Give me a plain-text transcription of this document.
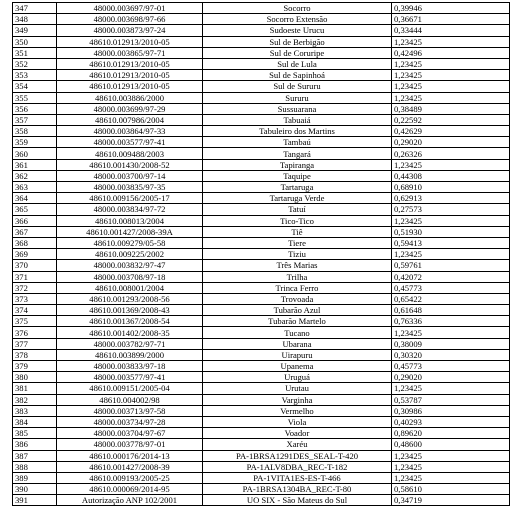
347	48000.003697/97-01	Socorro	0,39946
348	48000.003698/97-66	Socorro Extensão	0,36671
349	48000.003873/97-24	Sudoeste Urucu	0,33444
350	48610.012913/2010-05	Sul de Berbigão	1,23425
351	48000.003865/97-71	Sul de Coruripe	0,42496
352	48610.012913/2010-05	Sul de Lula	1,23425
353	48610.012913/2010-05	Sul de Sapinhoá	1,23425
354	48610.012913/2010-05	Sul de Sururu	1,23425
355	48610.003886/2000	Sururu	1,23425
356	48000.003699/97-29	Sussuarana	0,38489
357	48610.007986/2004	Tabuaiá	0,22592
358	48000.003864/97-33	Tabuleiro dos Martins	0,42629
359	48000.003577/97-41	Tambaú	0,29020
360	48610.009488/2003	Tangará	0,26326
361	48610.001430/2008-52	Tapiranga	1,23425
362	48000.003700/97-14	Taquipe	0,44308
363	48000.003835/97-35	Tartaruga	0,68910
364	48610.009156/2005-17	Tartaruga Verde	0,62913
365	48000.003834/97-72	Tatuí	0,27573
366	48610.008013/2004	Tico-Tico	1,23425
367	48610.001427/2008-39A	Tiê	0,51930
368	48610.009279/05-58	Tiere	0,59413
369	48610.009225/2002	Tiziu	1,23425
370	48000.003832/97-47	Três Marias	0,59761
371	48000.003708/97-18	Trilha	0,42072
372	48610.008001/2004	Trinca Ferro	0,45773
373	48610.001293/2008-56	Trovoada	0,65422
374	48610.001369/2008-43	Tubarão Azul	0,61648
375	48610.001367/2008-54	Tubarão Martelo	0,76336
376	48610.001402/2008-35	Tucano	1,23425
377	48000.003782/97-71	Ubarana	0,38009
378	48610.003899/2000	Uirapuru	0,30320
379	48000.003833/97-18	Upanema	0,45773
380	48000.003577/97-41	Uruguá	0,29020
381	48610.009151/2005-04	Urutau	1,23425
382	48610.004002/98	Varginha	0,53787
383	48000.003713/97-58	Vermelho	0,30986
384	48000.003734/97-28	Viola	0,40293
385	48000.003704/97-67	Voador	0,89620
386	48000.003778/97-01	Xaréu	0,48600
387	48610.000176/2014-13	PA-1BRSA1291DES_SEAL-T-420	1,23425
388	48610.001427/2008-39	PA-1ALV8DBA_REC-T-182	1,23425
389	48610.009193/2005-25	PA-1VITA1ES-ES-T-466	1,23425
390	48610.000069/2014-95	PA-1BRSA1304BA_REC-T-80	0,58610
391	Autorização ANP 102/2001	UO SIX - São Mateus do Sul	0,34719
